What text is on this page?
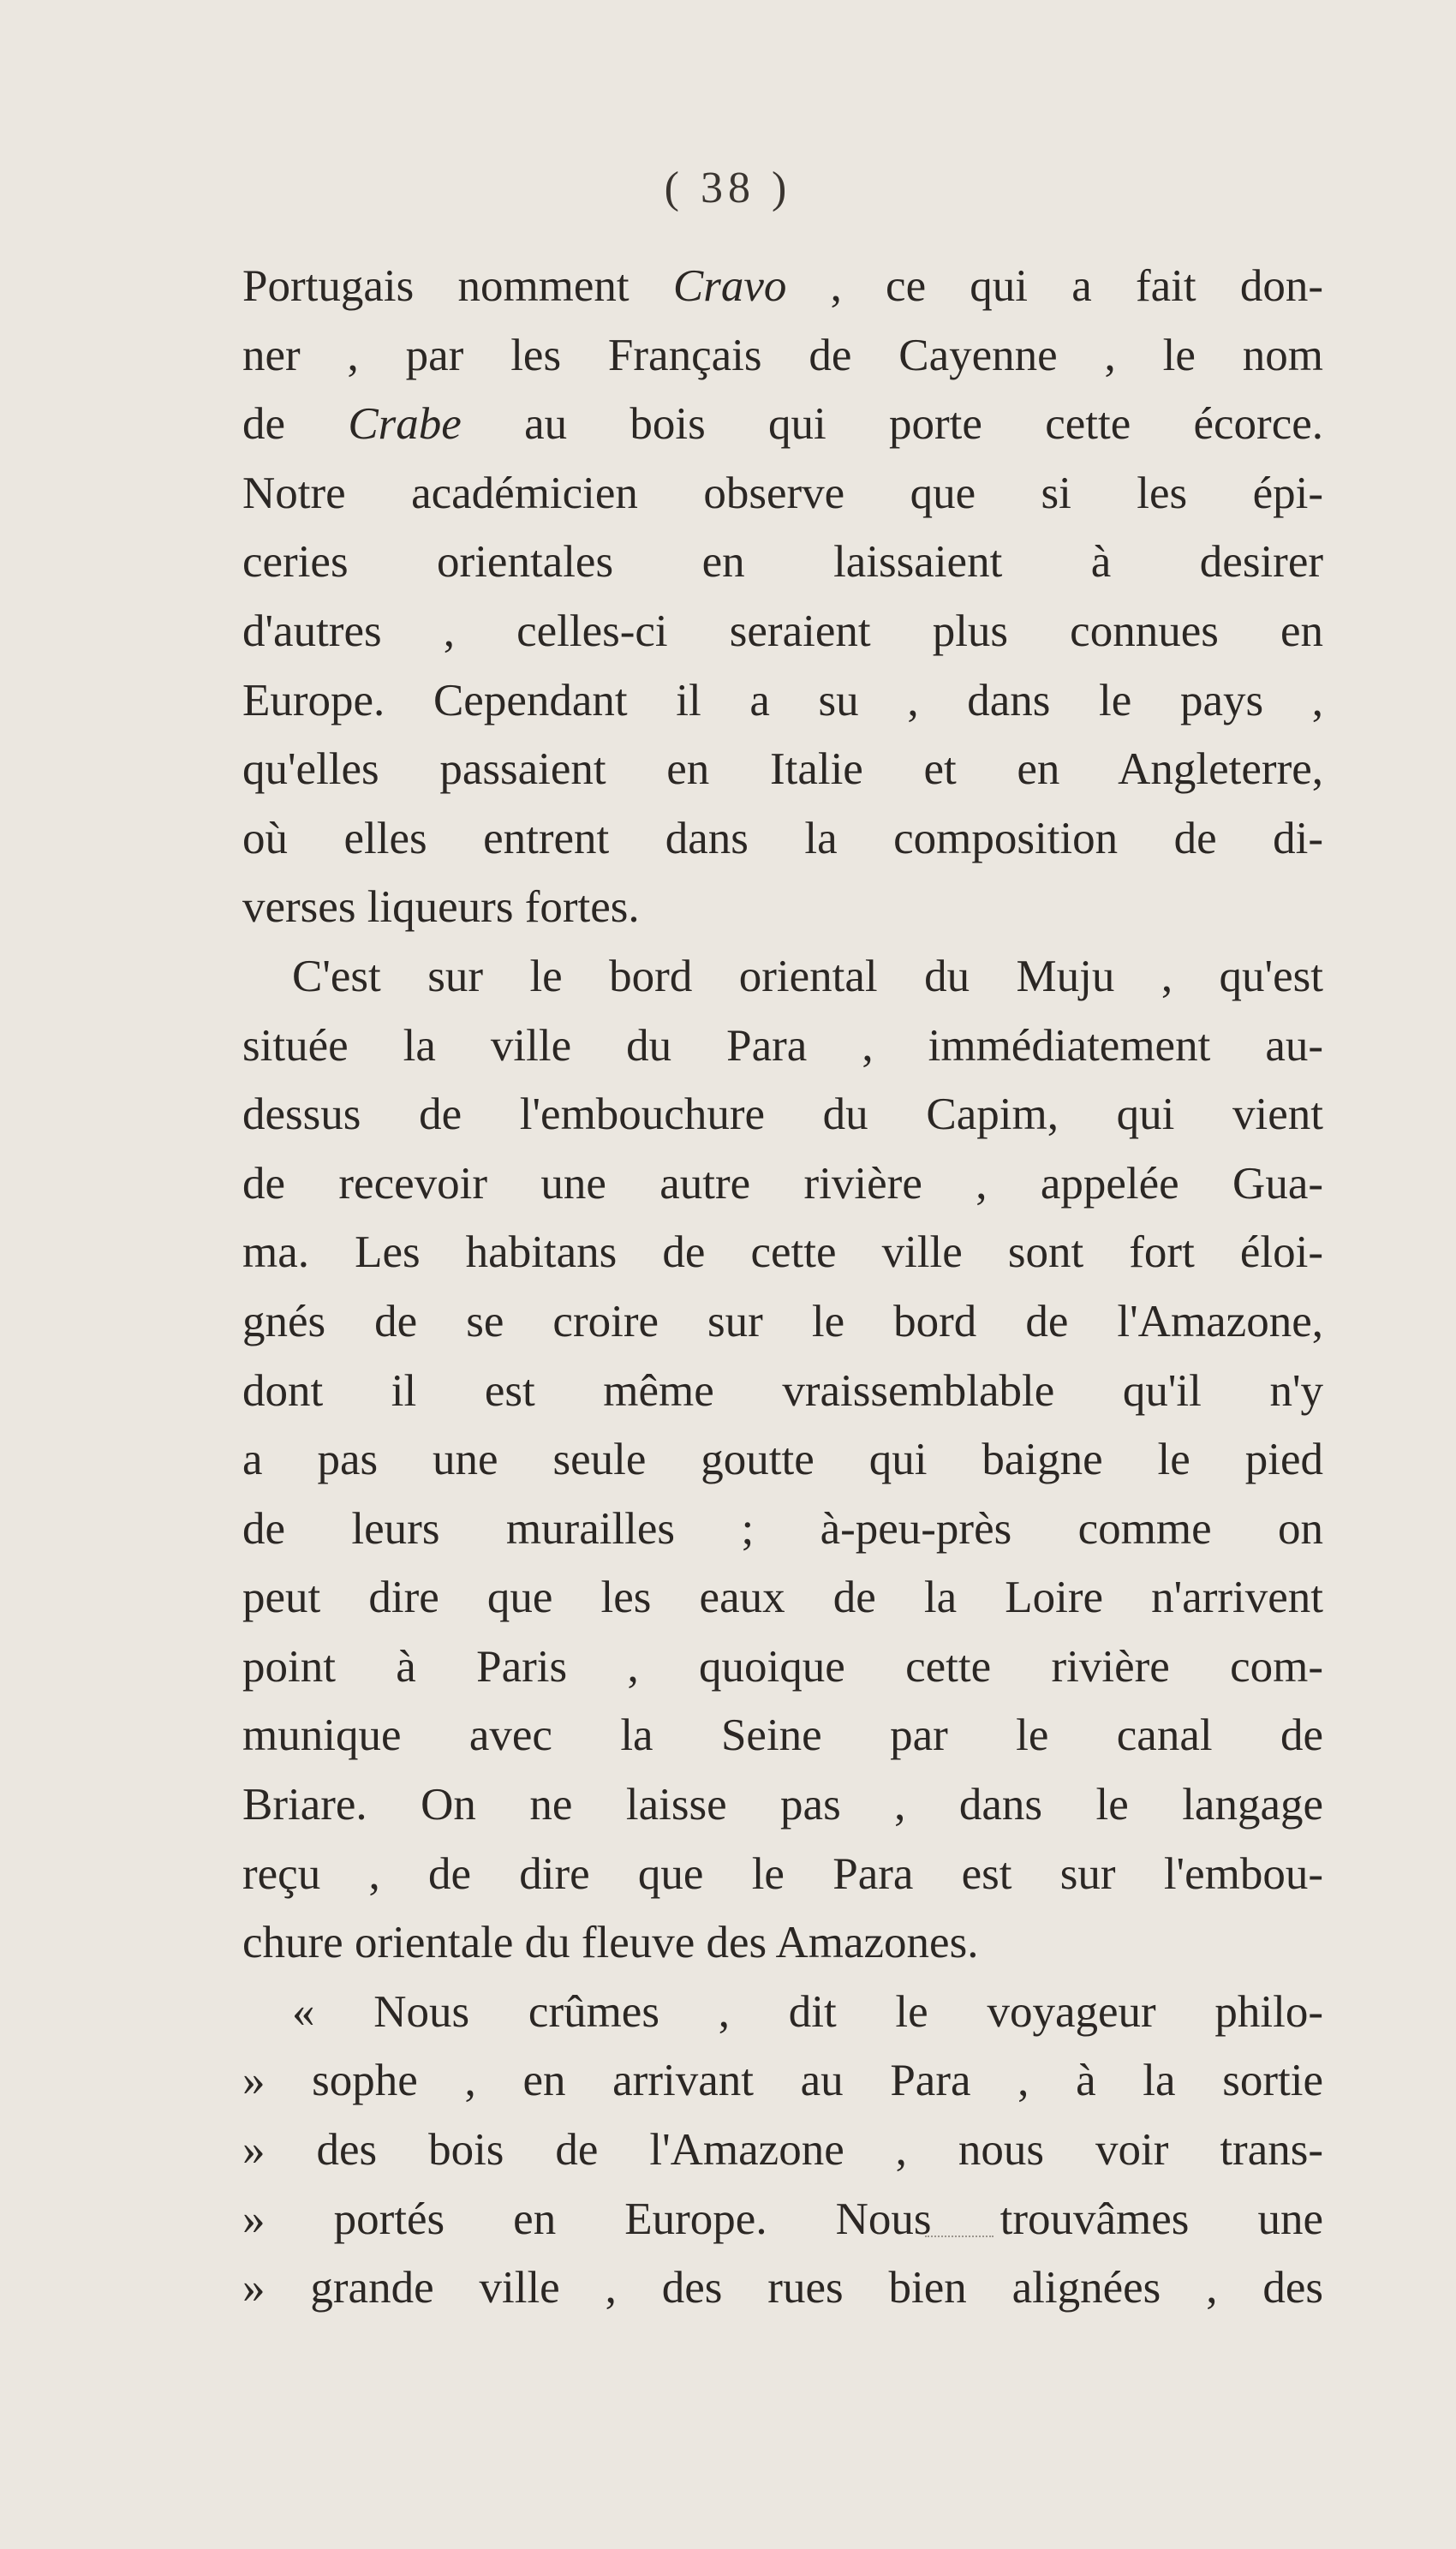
( 38 )
Portugais nomment Cravo , ce qui a fait don-
ner , par les Français de Cayenne , le nom
de Crabe au bois qui porte cette écorce.
Notre académicien observe que si les épi-
ceries orientales en laissaient à desirer
d'autres , celles-ci seraient plus connues en
Europe. Cependant il a su , dans le pays ,
qu'elles passaient en Italie et en Angleterre,
où elles entrent dans la composition de di-
verses liqueurs fortes.
C'est sur le bord oriental du Muju , qu'est
située la ville du Para , immédiatement au-
dessus de l'embouchure du Capim, qui vient
de recevoir une autre rivière , appelée Gua-
ma. Les habitans de cette ville sont fort éloi-
gnés de se croire sur le bord de l'Amazone,
dont il est même vraissemblable qu'il n'y
a pas une seule goutte qui baigne le pied
de leurs murailles ; à-peu-près comme on
peut dire que les eaux de la Loire n'arrivent
point à Paris , quoique cette rivière com-
munique avec la Seine par le canal de
Briare. On ne laisse pas , dans le langage
reçu , de dire que le Para est sur l'embou-
chure orientale du fleuve des Amazones.
« Nous crûmes , dit le voyageur philo-
» sophe , en arrivant au Para , à la sortie
» des bois de l'Amazone , nous voir trans-
» portés en Europe. Nous trouvâmes une
» grande ville , des rues bien alignées , des
